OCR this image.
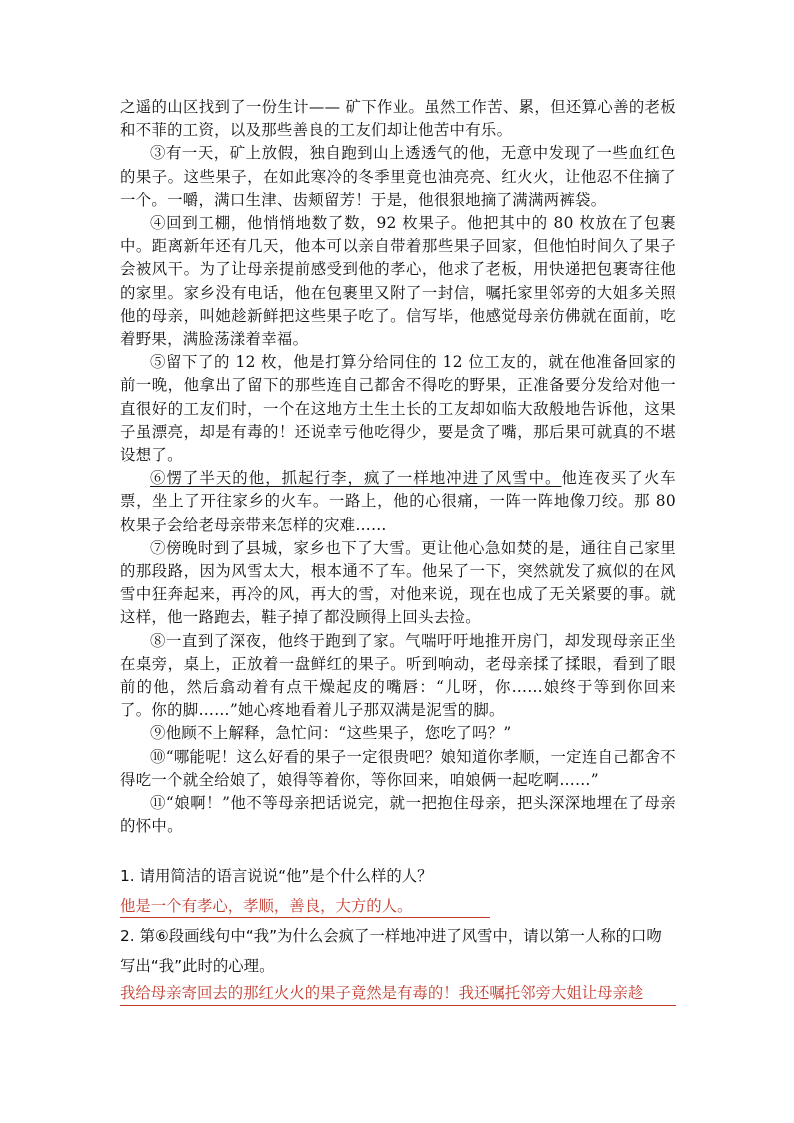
之遥的山区找到了一份生计—— 矿下作业。虽然工作苦、累，但还算心善的老板和不菲的工资，以及那些善良的工友们却让他苦中有乐。

③有一天，矿上放假，独自跑到山上透透气的他，无意中发现了一些血红色的果子。这些果子，在如此寒冷的冬季里竟也油亮亮、红火火，让他忍不住摘了一个。一嚼，满口生津、齿颊留芳！于是，他很狠地摘了满满两裤袋。

④回到工棚，他悄悄地数了数，92 枚果子。他把其中的 80 枚放在了包裹中。距离新年还有几天，他本可以亲自带着那些果子回家，但他怕时间久了果子会被风干。为了让母亲提前感受到他的孝心，他求了老板，用快递把包裹寄往他的家里。家乡没有电话，他在包裹里又附了一封信，嘱托家里邻旁的大姐多关照他的母亲，叫她趁新鲜把这些果子吃了。信写毕，他感觉母亲仿佛就在面前，吃着野果，满脸荡漾着幸福。

⑤留下了的 12 枚，他是打算分给同住的 12 位工友的，就在他准备回家的前一晚，他拿出了留下的那些连自己都舍不得吃的野果，正准备要分发给对他一直很好的工友们时，一个在这地方土生土长的工友却如临大敌般地告诉他，这果子虽漂亮，却是有毒的！还说幸亏他吃得少，要是贪了嘴，那后果可就真的不堪设想了。

⑥愣了半天的他，抓起行李，疯了一样地冲进了风雪中。他连夜买了火车票，坐上了开往家乡的火车。一路上，他的心很痛，一阵一阵地像刀绞。那 80 枚果子会给老母亲带来怎样的灾难……

⑦傍晚时到了县城，家乡也下了大雪。更让他心急如焚的是，通往自己家里的那段路，因为风雪太大，根本通不了车。他呆了一下，突然就发了疯似的在风雪中狂奔起来，再冷的风，再大的雪，对他来说，现在也成了无关紧要的事。就这样，他一路跑去，鞋子掉了都没顾得上回头去捡。

⑧一直到了深夜，他终于跑到了家。气喘吁吁地推开房门，却发现母亲正坐在桌旁，桌上，正放着一盘鲜红的果子。听到响动，老母亲揉了揉眼，看到了眼前的他，然后翕动着有点干燥起皮的嘴唇：“儿呀，你……娘终于等到你回来了。你的脚……”她心疼地看着儿子那双满是泥雪的脚。

⑨他顾不上解释，急忙问：“这些果子，您吃了吗？”

⑩“哪能呢！这么好看的果子一定很贵吧？娘知道你孝顺，一定连自己都舍不得吃一个就全给娘了，娘得等着你，等你回来，咱娘俩一起吃啊……”

⑪“娘啊！”他不等母亲把话说完，就一把抱住母亲，把头深深地埋在了母亲的怀中。

1. 请用简洁的语言说说“他”是个什么样的人？

他是一个有孝心，孝顺，善良，大方的人。

2. 第⑥段画线句中“我”为什么会疯了一样地冲进了风雪中，请以第一人称的口吻写出“我”此时的心理。

我给母亲寄回去的那红火火的果子竟然是有毒的！我还嘱托邻旁大姐让母亲趁
